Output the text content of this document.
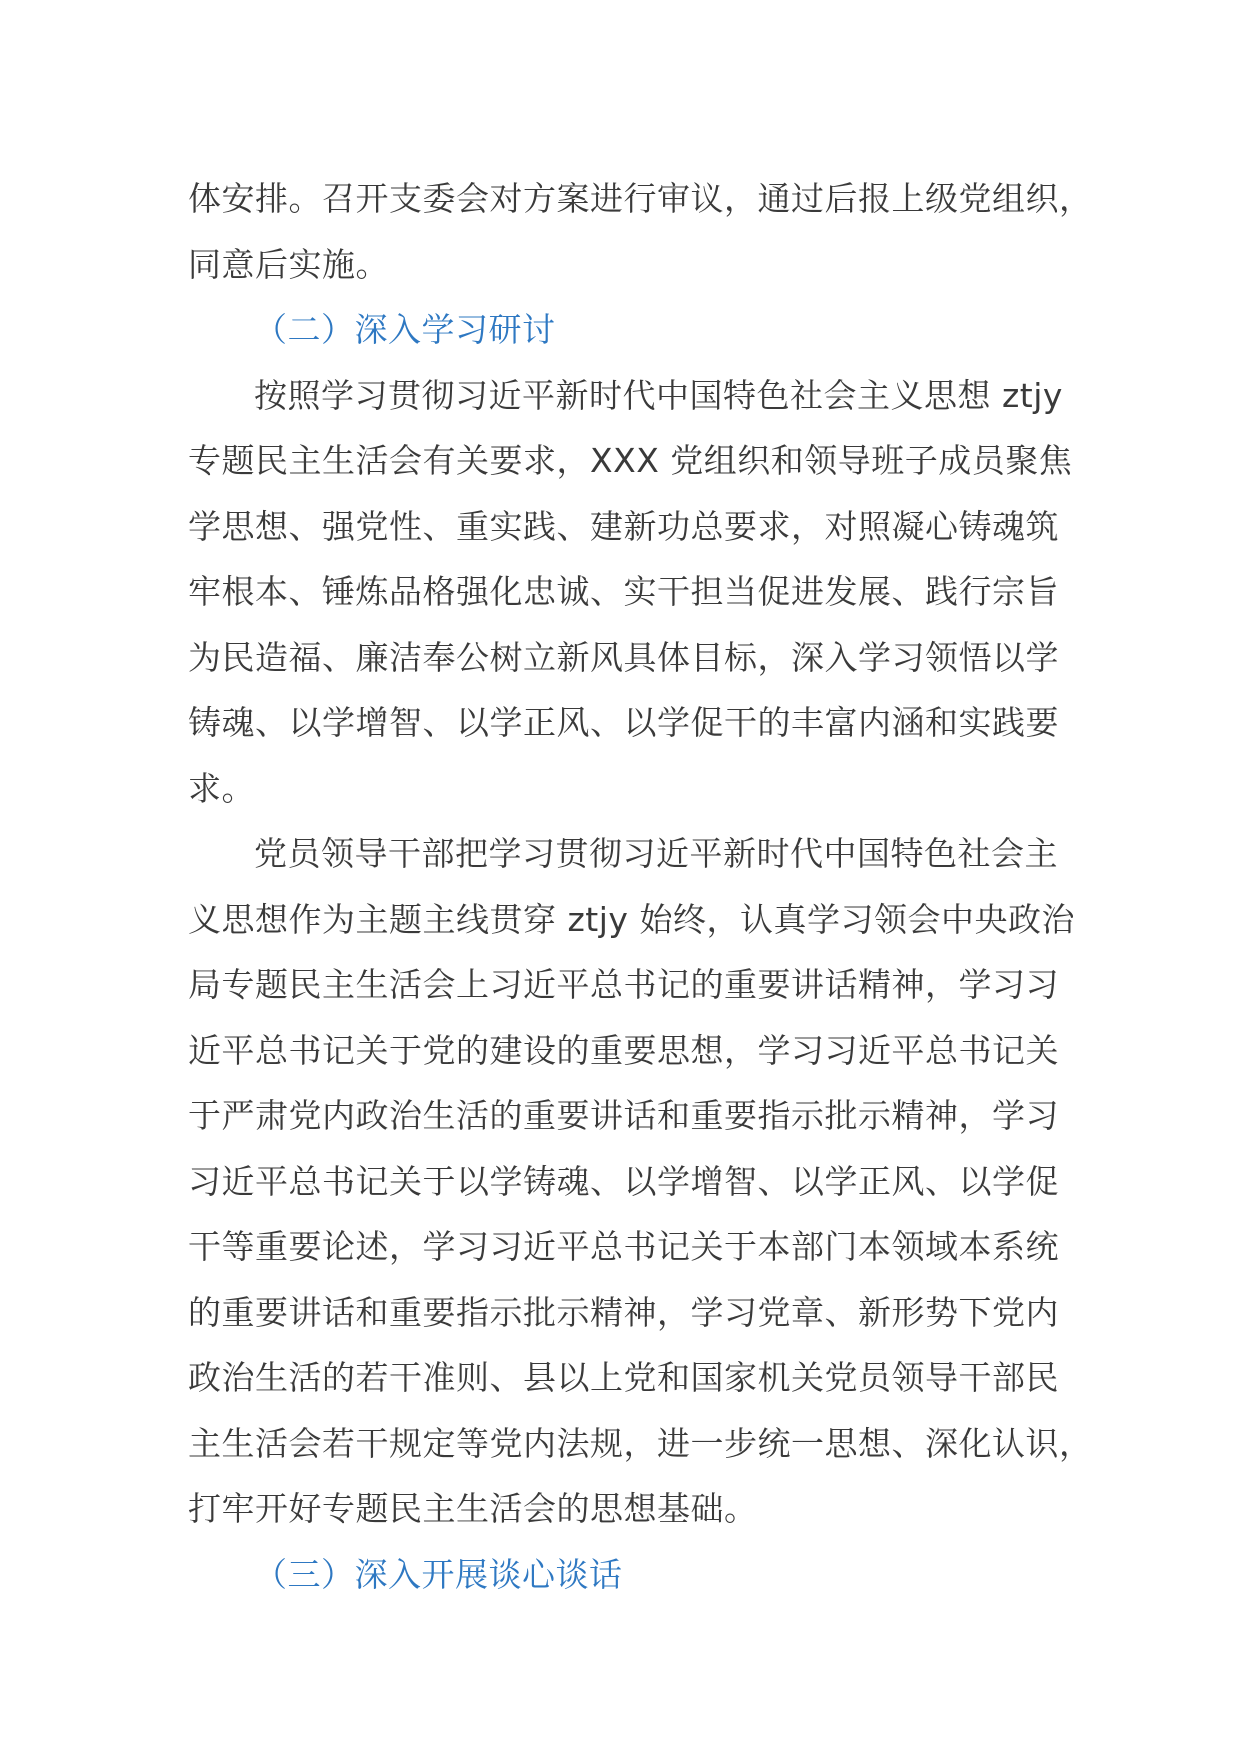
体安排。召开支委会对方案进行审议，通过后报上级党组织，
同意后实施。
（二）深入学习研讨
按照学习贯彻习近平新时代中国特色社会主义思想 ztjy
专题民主生活会有关要求，XXX 党组织和领导班子成员聚焦
学思想、强党性、重实践、建新功总要求，对照凝心铸魂筑
牢根本、锤炼品格强化忠诚、实干担当促进发展、践行宗旨
为民造福、廉洁奉公树立新风具体目标，深入学习领悟以学
铸魂、以学增智、以学正风、以学促干的丰富内涵和实践要
求。
党员领导干部把学习贯彻习近平新时代中国特色社会主
义思想作为主题主线贯穿 ztjy 始终，认真学习领会中央政治
局专题民主生活会上习近平总书记的重要讲话精神，学习习
近平总书记关于党的建设的重要思想，学习习近平总书记关
于严肃党内政治生活的重要讲话和重要指示批示精神，学习
习近平总书记关于以学铸魂、以学增智、以学正风、以学促
干等重要论述，学习习近平总书记关于本部门本领域本系统
的重要讲话和重要指示批示精神，学习党章、新形势下党内
政治生活的若干准则、县以上党和国家机关党员领导干部民
主生活会若干规定等党内法规，进一步统一思想、深化认识，
打牢开好专题民主生活会的思想基础。
（三）深入开展谈心谈话
